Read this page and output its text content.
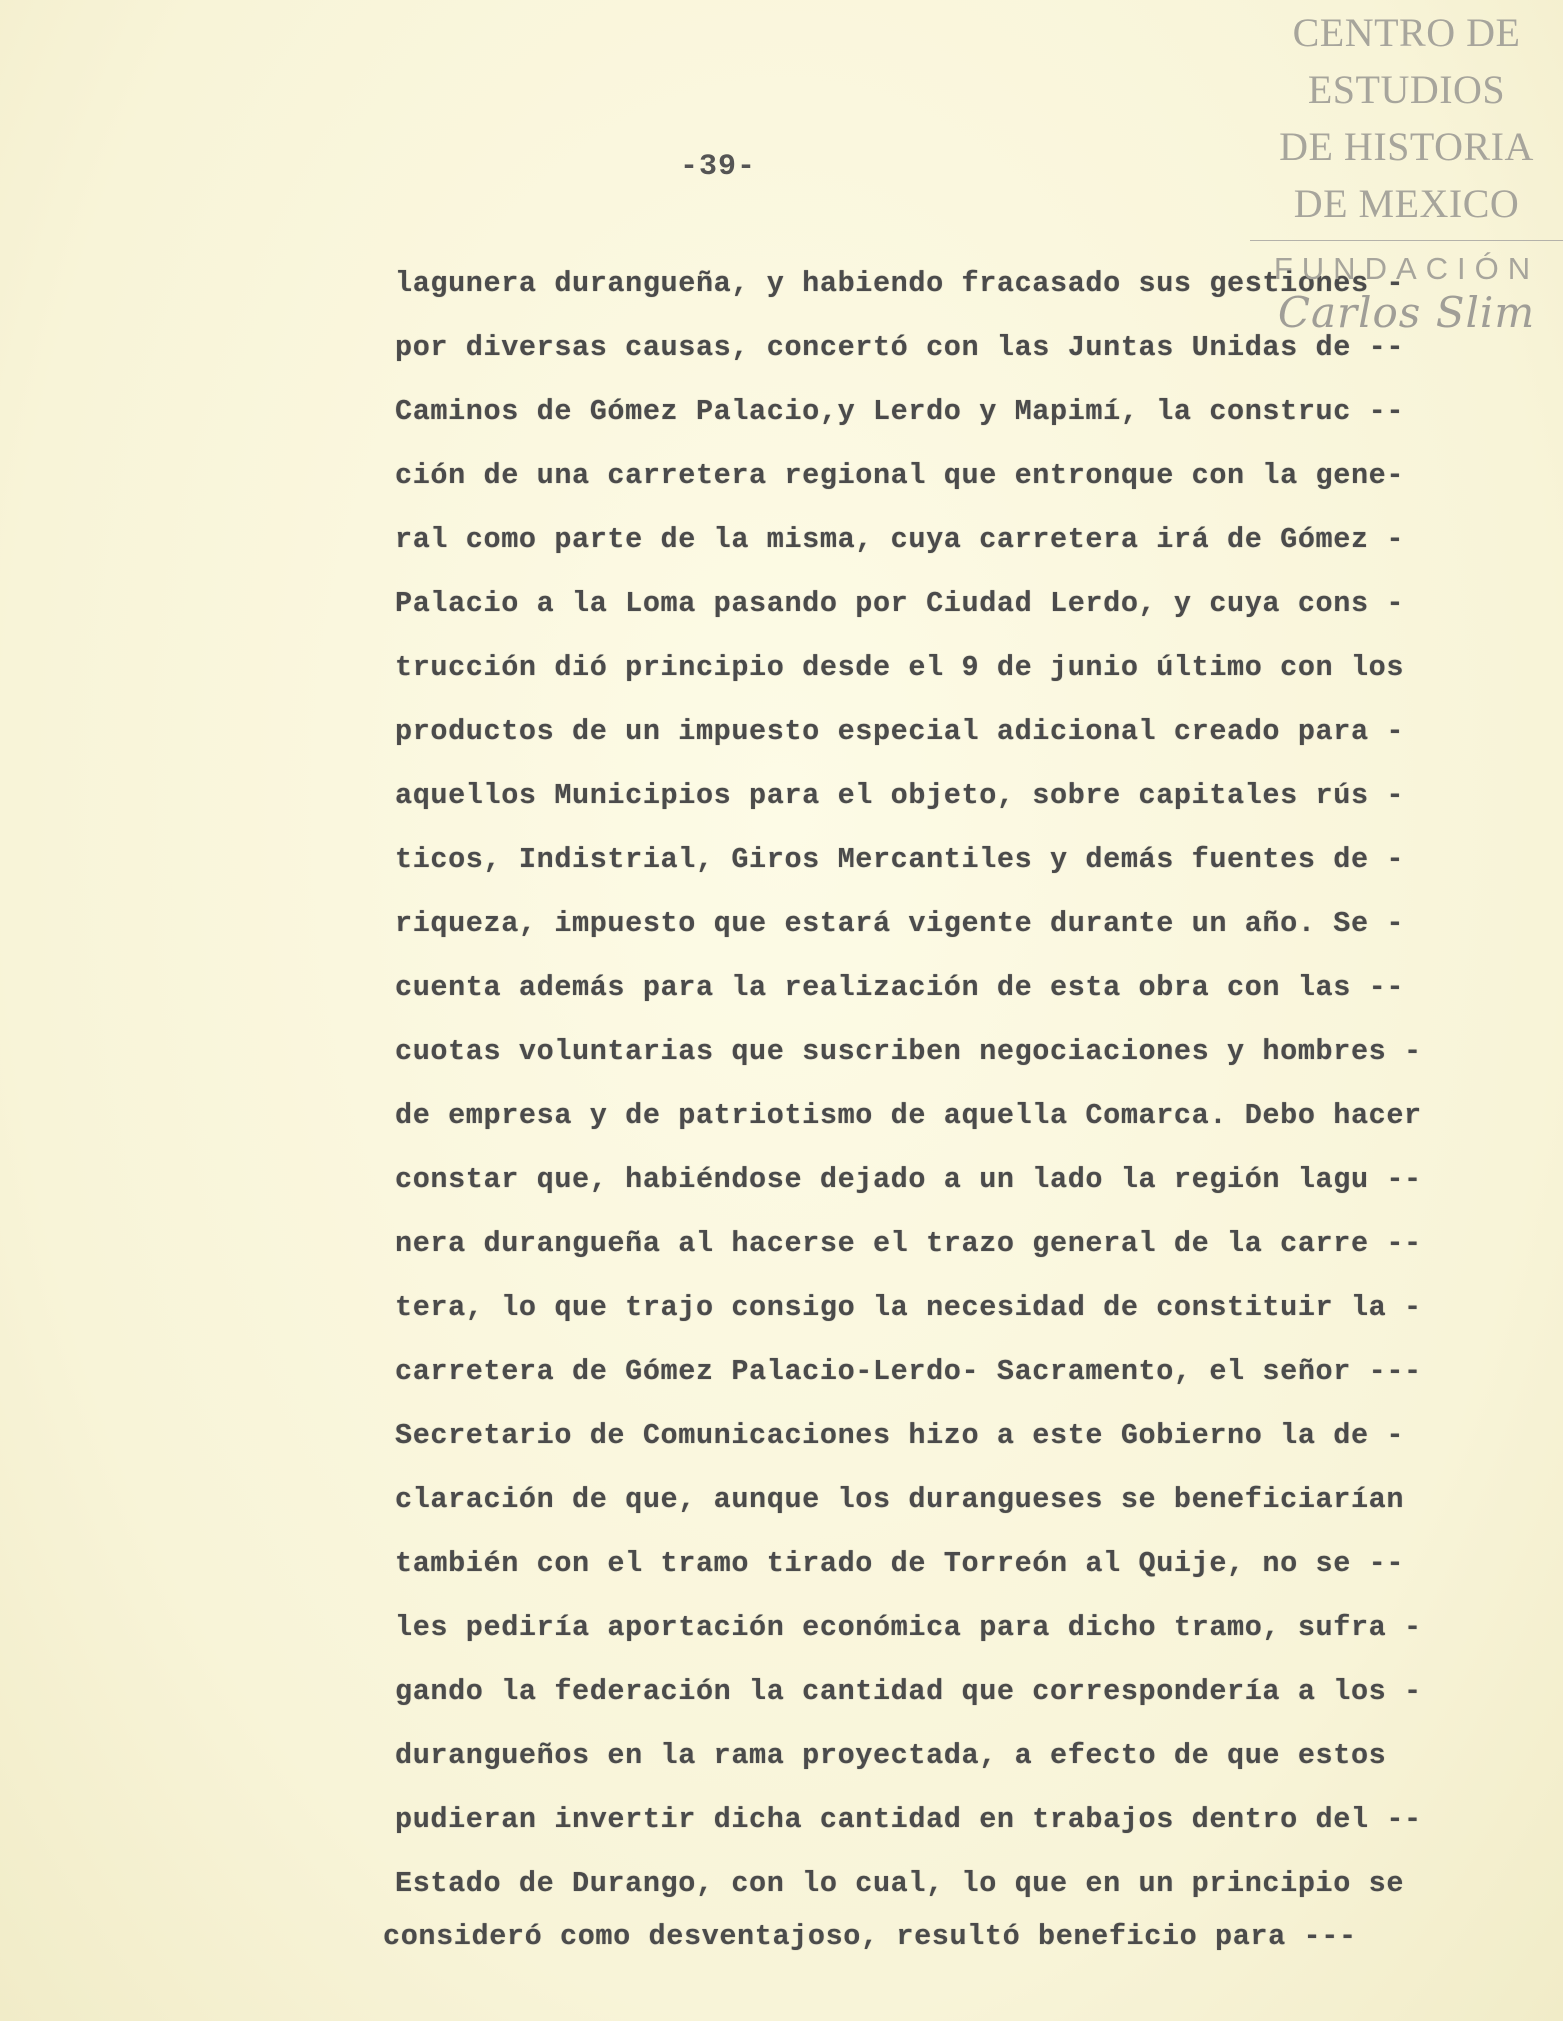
-39-
lagunera durangueña, y habiendo fracasado sus gestiones -
por diversas causas, concertó con las Juntas Unidas de --
Caminos de Gómez Palacio,y Lerdo y Mapimí, la construc --
ción de una carretera regional que entronque con la gene-
ral como parte de la misma, cuya carretera irá de Gómez -
Palacio a la Loma pasando por Ciudad Lerdo, y cuya cons -
trucción dió principio desde el 9 de junio último con los
productos de un impuesto especial adicional creado para -
aquellos Municipios para el objeto, sobre capitales rús -
ticos, Indistrial, Giros Mercantiles y demás fuentes de -
riqueza, impuesto que estará vigente durante un año. Se -
cuenta además para la realización de esta obra con las --
cuotas voluntarias que suscriben negociaciones y hombres -
de empresa y de patriotismo de aquella Comarca. Debo hacer
constar que, habiéndose dejado a un lado la región lagu --
nera durangueña al hacerse el trazo general de la carre --
tera, lo que trajo consigo la necesidad de constituir la -
carretera de Gómez Palacio-Lerdo- Sacramento, el señor ---
Secretario de Comunicaciones hizo a este Gobierno la de -
claración de que, aunque los durangueses se beneficiarían
también con el tramo tirado de Torreón al Quije, no se --
les pediría aportación económica para dicho tramo, sufra -
gando la federación la cantidad que correspondería a los -
durangueños en la rama proyectada, a efecto de que estos
pudieran invertir dicha cantidad en trabajos dentro del --
Estado de Durango, con lo cual, lo que en un principio se
consideró como desventajoso, resultó beneficio para ---
CENTRO DE
ESTUDIOS
DE HISTORIA
DE MEXICO
FUNDACIÓN
Carlos Slim
